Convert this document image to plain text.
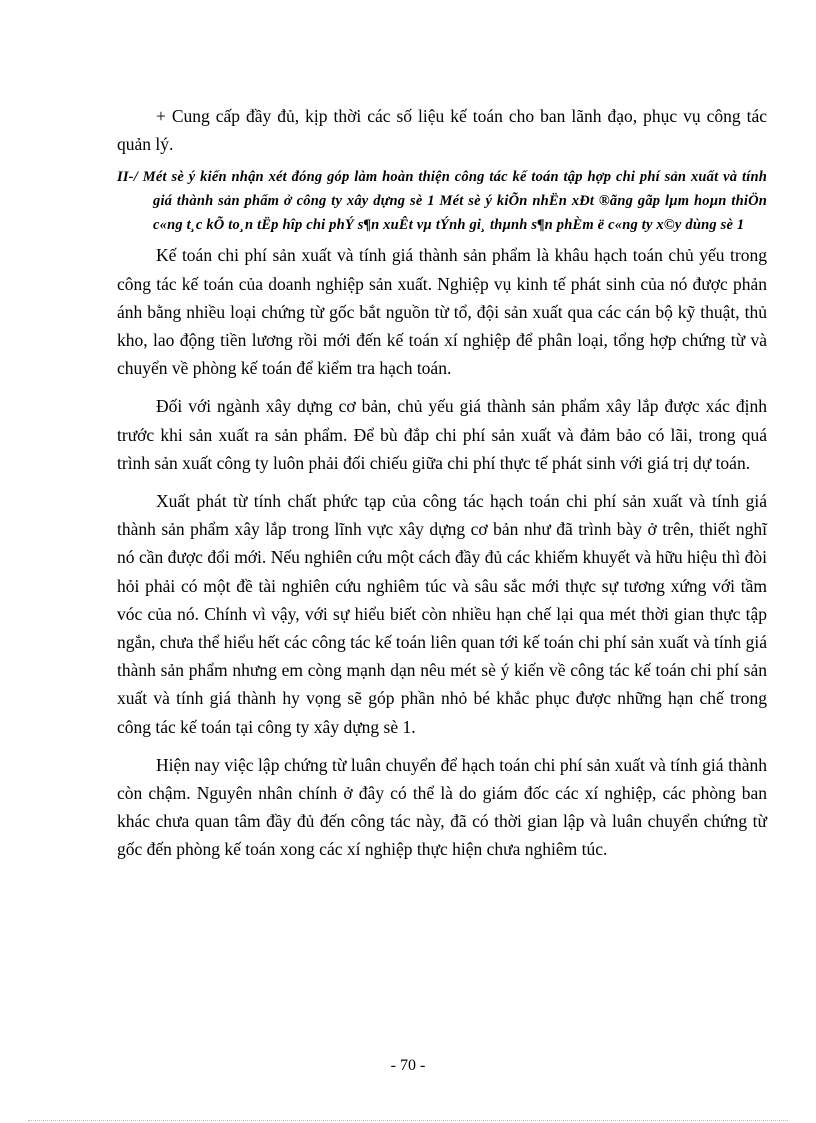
+ Cung cấp đầy đủ, kịp thời các số liệu kế toán cho ban lãnh đạo, phục vụ công tác quản lý.

II-/ Mét sè ý kiến nhận xét đóng góp làm hoàn thiện công tác kế toán tập hợp chi phí sản xuất và tính giá thành sản phẩm ở công ty xây dựng sè 1 Mét sè ý kiÕn nhËn xÐt ®ãng gãp lµm hoµn thiÖn c«ng t¸c kÕ to¸n tËp hîp chi phÝ s¶n xuÊt vµ tÝnh gi¸ thµnh s¶n phÈm ë c«ng ty x©y dùng sè 1

Kế toán chi phí sản xuất và tính giá thành sản phẩm là khâu hạch toán chủ yếu trong công tác kế toán của doanh nghiệp sản xuất. Nghiệp vụ kinh tế phát sinh của nó được phản ánh bằng nhiều loại chứng từ gốc bắt nguồn từ tổ, đội sản xuất qua các cán bộ kỹ thuật, thủ kho, lao động tiền lương rồi mới đến kế toán xí nghiệp để phân loại, tổng hợp chứng từ và chuyển về phòng kế toán để kiểm tra hạch toán.

Đối với ngành xây dựng cơ bản, chủ yếu giá thành sản phẩm xây lắp được xác định trước khi sản xuất ra sản phẩm. Để bù đắp chi phí sản xuất và đảm bảo có lãi, trong quá trình sản xuất công ty luôn phải đối chiếu giữa chi phí thực tế phát sinh với giá trị dự toán.

Xuất phát từ tính chất phức tạp của công tác hạch toán chi phí sản xuất và tính giá thành sản phẩm xây lắp trong lĩnh vực xây dựng cơ bản như đã trình bày ở trên, thiết nghĩ nó cần được đổi mới. Nếu nghiên cứu một cách đầy đủ các khiếm khuyết và hữu hiệu thì đòi hỏi phải có một đề tài nghiên cứu nghiêm túc và sâu sắc mới thực sự tương xứng với tầm vóc của nó. Chính vì vậy, với sự hiểu biết còn nhiều hạn chế lại qua mét thời gian thực tập ngắn, chưa thể hiểu hết các công tác kế toán liên quan tới kế toán chi phí sản xuất và tính giá thành sản phẩm nhưng em còng mạnh dạn nêu mét sè ý kiến về công tác kế toán chi phí sản xuất và tính giá thành hy vọng sẽ góp phần nhỏ bé khắc phục được những hạn chế trong công tác kế toán tại công ty xây dựng sè 1.

Hiện nay việc lập chứng từ luân chuyển để hạch toán chi phí sản xuất và tính giá thành còn chậm. Nguyên nhân chính ở đây có thể là do giám đốc các xí nghiệp, các phòng ban khác chưa quan tâm đầy đủ đến công tác này, đã có thời gian lập và luân chuyển chứng từ gốc đến phòng kế toán xong các xí nghiệp thực hiện chưa nghiêm túc.

- 70 -
